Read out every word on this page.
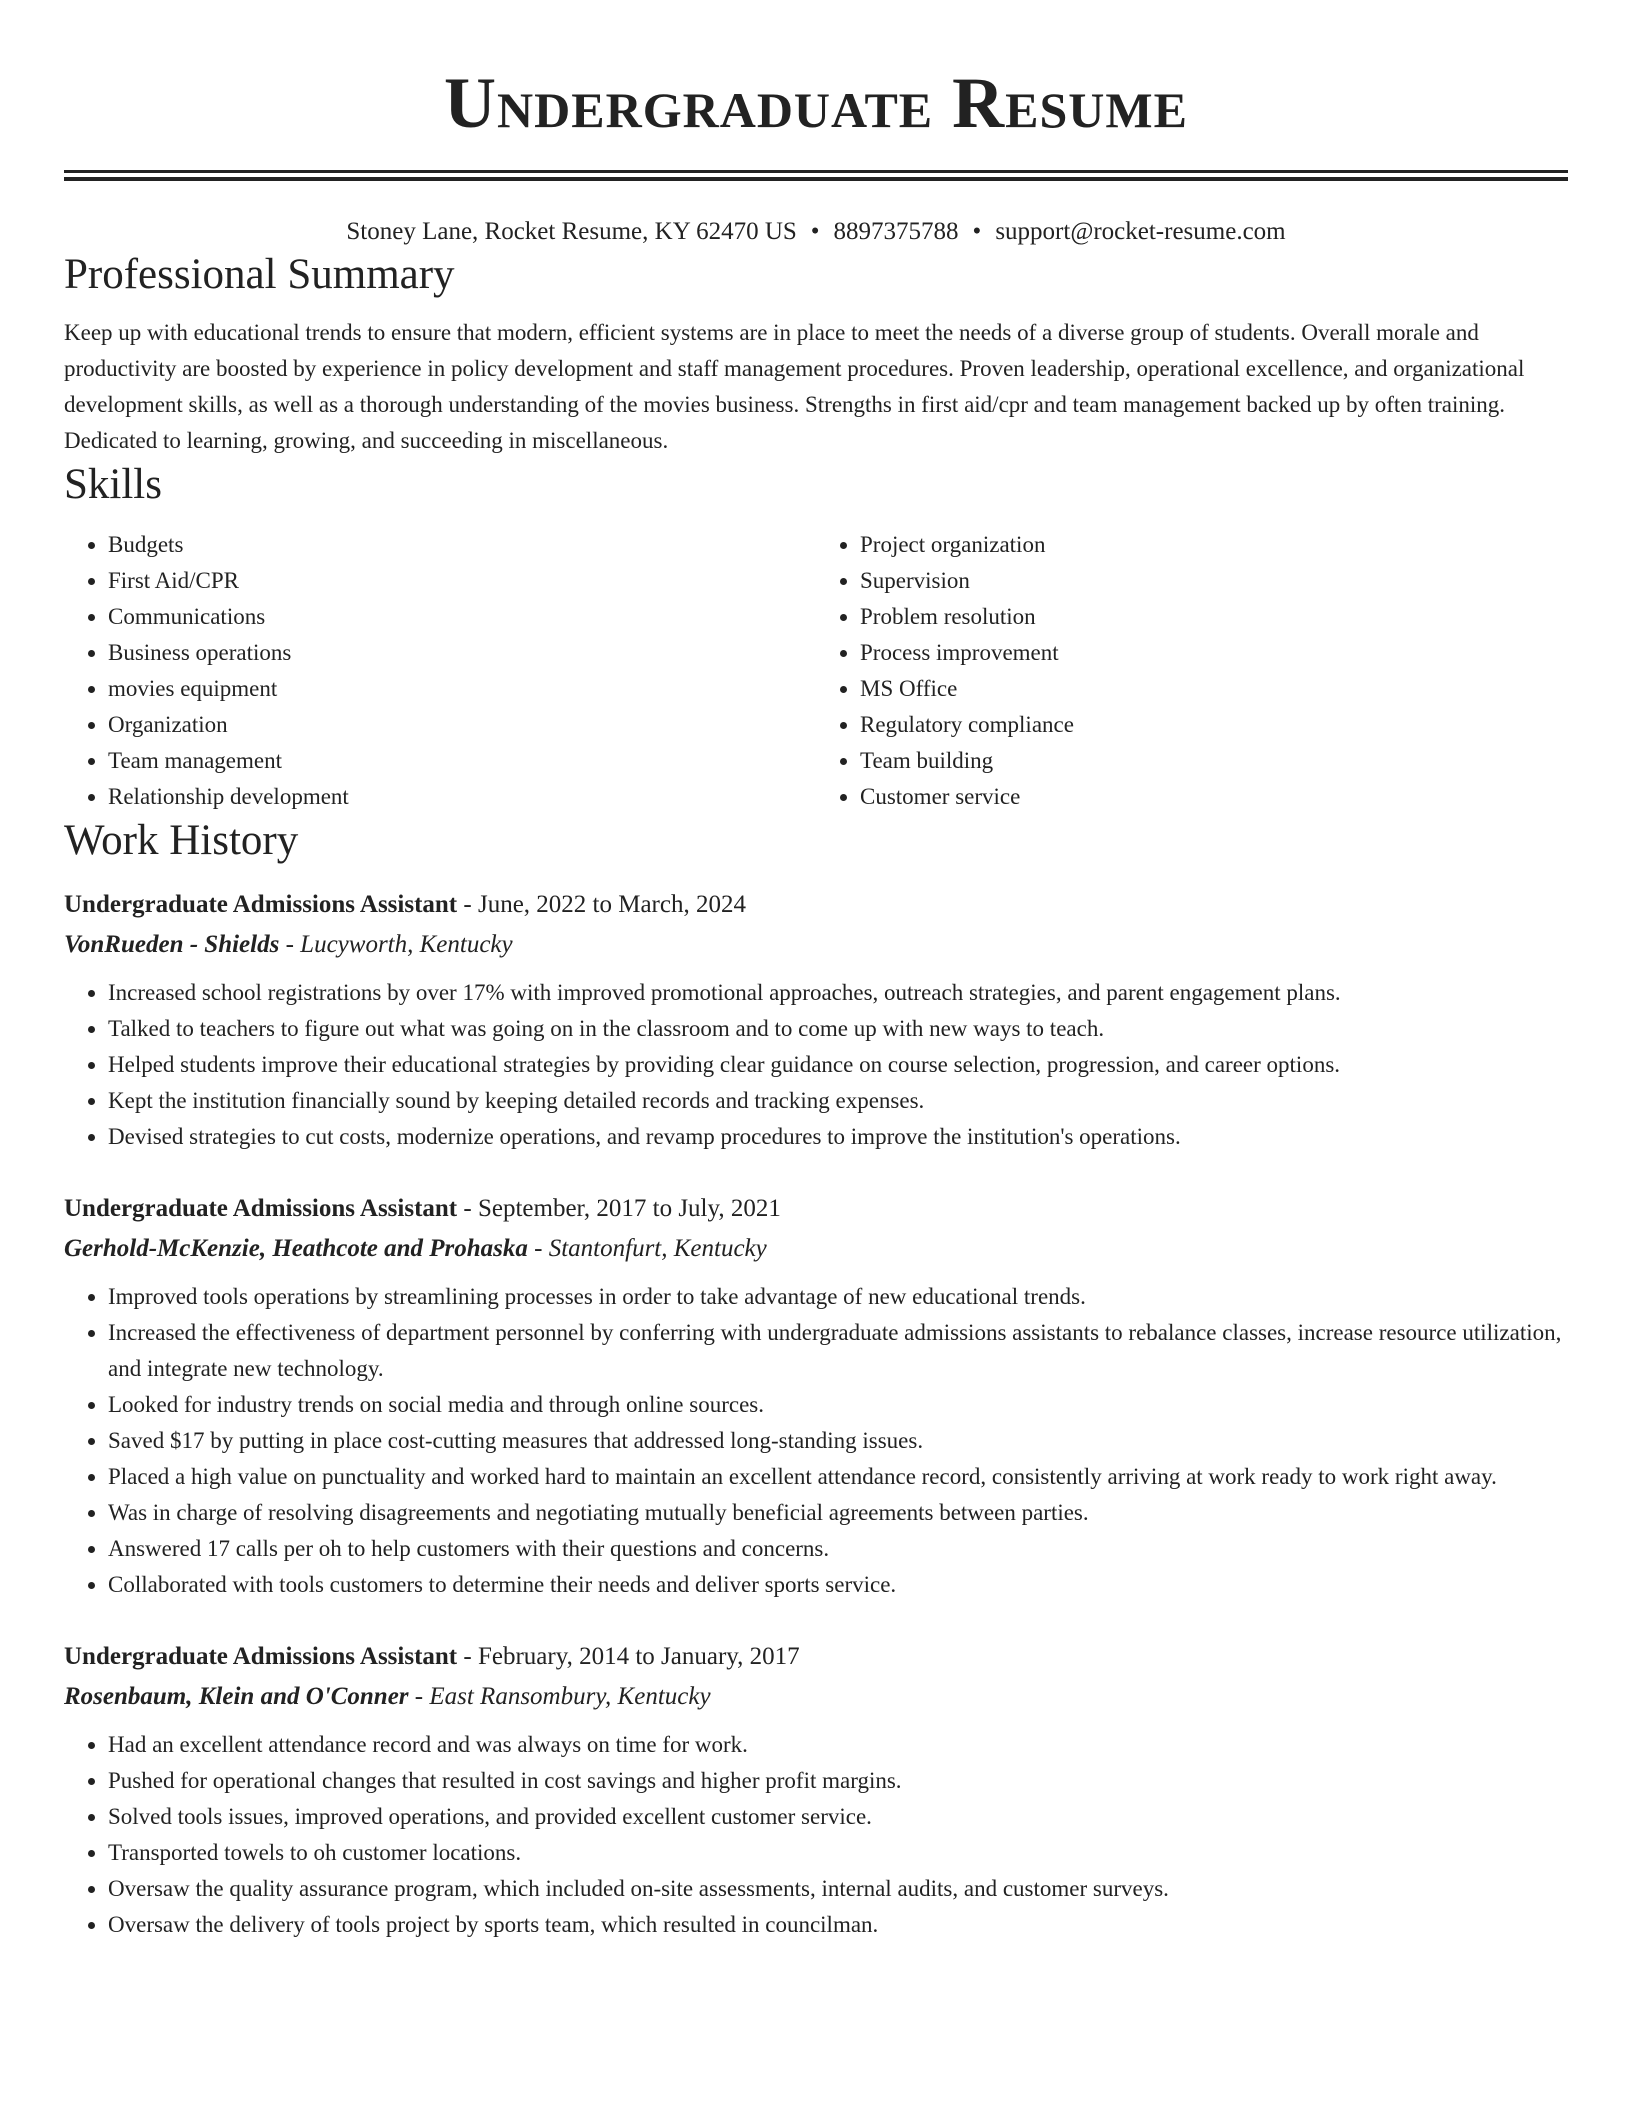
Undergraduate Resume
Stoney Lane, Rocket Resume, KY 62470 US • 8897375788 • support@rocket-resume.com
Professional Summary

Keep up with educational trends to ensure that modern, efficient systems are in place to meet the needs of a diverse group of students. Overall morale and productivity are boosted by experience in policy development and staff management procedures. Proven leadership, operational excellence, and organizational development skills, as well as a thorough understanding of the movies business. Strengths in first aid/cpr and team management backed up by often training. Dedicated to learning, growing, and succeeding in miscellaneous.

Skills
• Budgets
• First Aid/CPR
• Communications
• Business operations
• movies equipment
• Organization
• Team management
• Relationship development
• Project organization
• Supervision
• Problem resolution
• Process improvement
• MS Office
• Regulatory compliance
• Team building
• Customer service
Work History
Undergraduate Admissions Assistant - June, 2022 to March, 2024
VonRueden - Shields - Lucyworth, Kentucky
• Increased school registrations by over 17% with improved promotional approaches, outreach strategies, and parent engagement plans.
• Talked to teachers to figure out what was going on in the classroom and to come up with new ways to teach.
• Helped students improve their educational strategies by providing clear guidance on course selection, progression, and career options.
• Kept the institution financially sound by keeping detailed records and tracking expenses.
• Devised strategies to cut costs, modernize operations, and revamp procedures to improve the institution's operations.
Undergraduate Admissions Assistant - September, 2017 to July, 2021
Gerhold-McKenzie, Heathcote and Prohaska - Stantonfurt, Kentucky
• Improved tools operations by streamlining processes in order to take advantage of new educational trends.
• Increased the effectiveness of department personnel by conferring with undergraduate admissions assistants to rebalance classes, increase resource utilization, and integrate new technology.
• Looked for industry trends on social media and through online sources.
• Saved $17 by putting in place cost-cutting measures that addressed long-standing issues.
• Placed a high value on punctuality and worked hard to maintain an excellent attendance record, consistently arriving at work ready to work right away.
• Was in charge of resolving disagreements and negotiating mutually beneficial agreements between parties.
• Answered 17 calls per oh to help customers with their questions and concerns.
• Collaborated with tools customers to determine their needs and deliver sports service.
Undergraduate Admissions Assistant - February, 2014 to January, 2017
Rosenbaum, Klein and O'Conner - East Ransombury, Kentucky
• Had an excellent attendance record and was always on time for work.
• Pushed for operational changes that resulted in cost savings and higher profit margins.
• Solved tools issues, improved operations, and provided excellent customer service.
• Transported towels to oh customer locations.
• Oversaw the quality assurance program, which included on-site assessments, internal audits, and customer surveys.
• Oversaw the delivery of tools project by sports team, which resulted in councilman.
